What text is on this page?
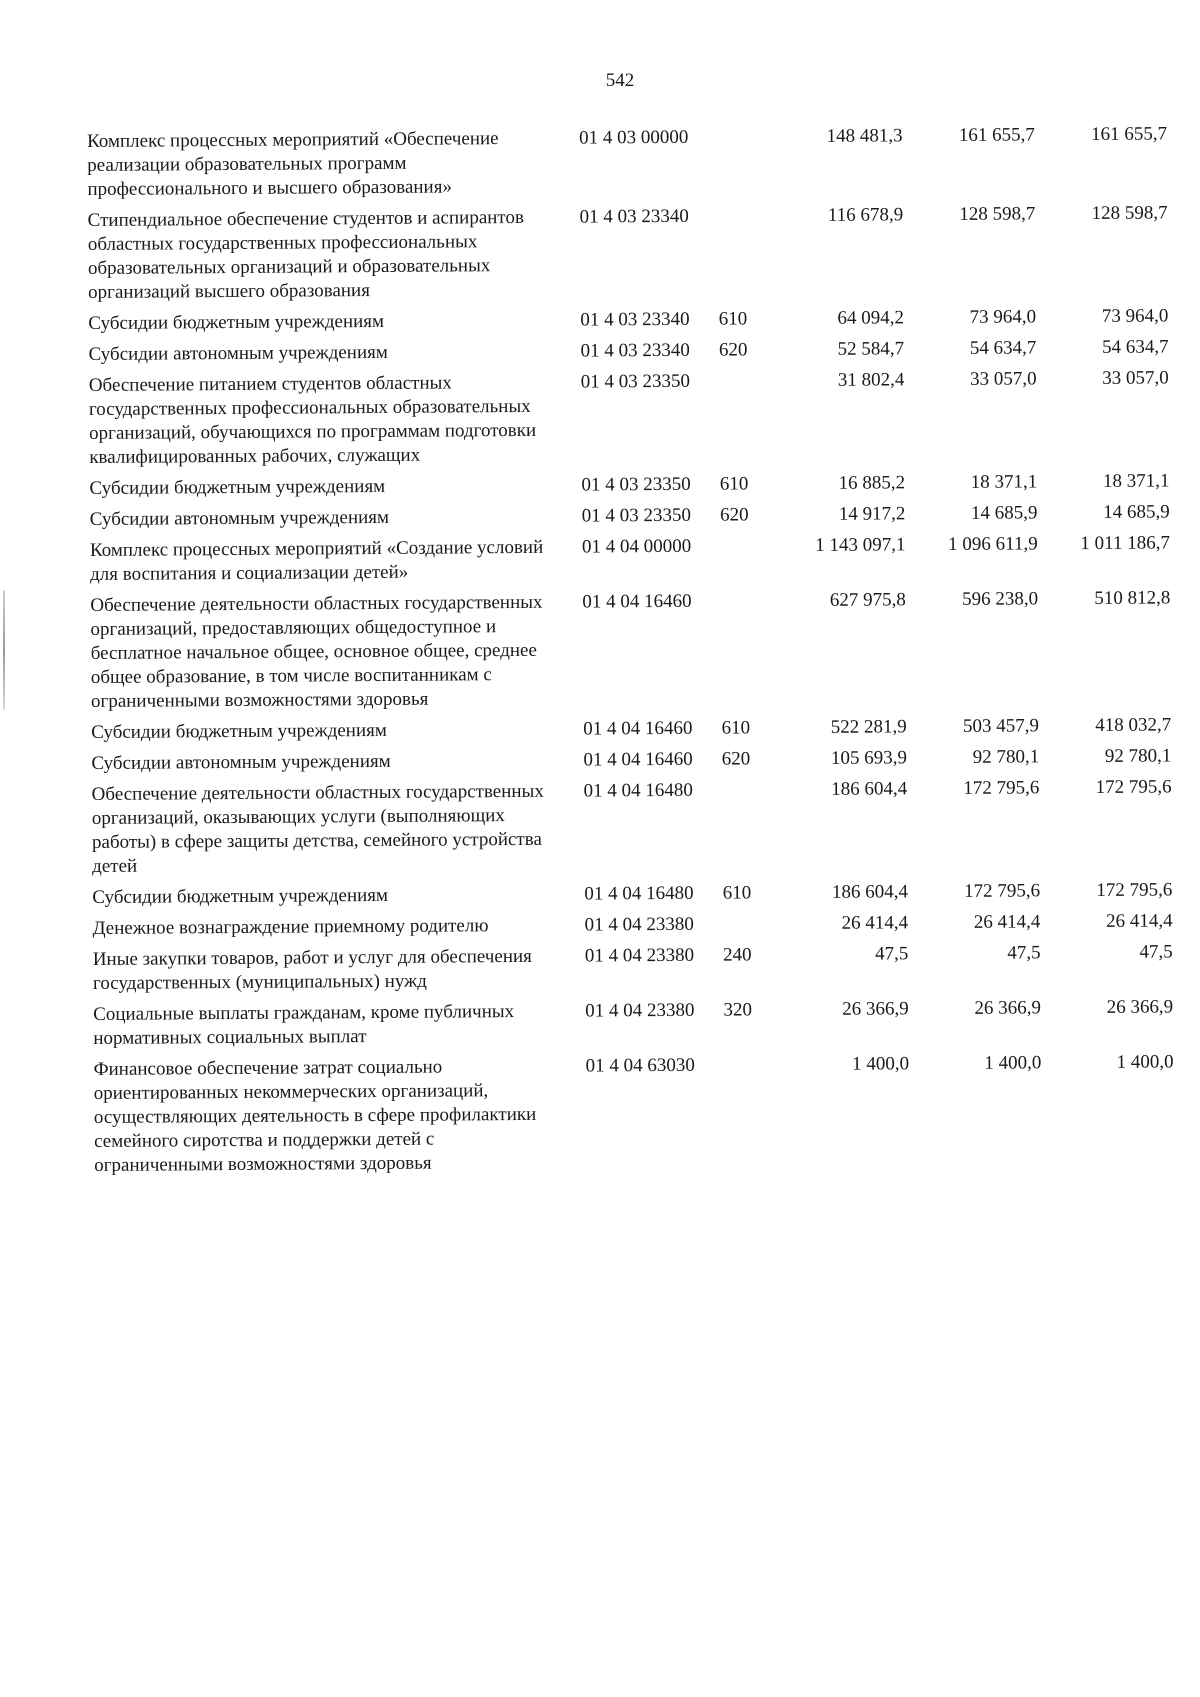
542
Комплекс процессных мероприятий «Обеспечение реализации образовательных программ профессионального и высшего образования»	01 4 03 00000		148 481,3	161 655,7	161 655,7
Стипендиальное обеспечение студентов и аспирантов областных государственных профессиональных образовательных организаций и образовательных организаций высшего образования	01 4 03 23340		116 678,9	128 598,7	128 598,7
Субсидии бюджетным учреждениям	01 4 03 23340	610	64 094,2	73 964,0	73 964,0
Субсидии автономным учреждениям	01 4 03 23340	620	52 584,7	54 634,7	54 634,7
Обеспечение питанием студентов областных государственных профессиональных образовательных организаций, обучающихся по программам подготовки квалифицированных рабочих, служащих	01 4 03 23350		31 802,4	33 057,0	33 057,0
Субсидии бюджетным учреждениям	01 4 03 23350	610	16 885,2	18 371,1	18 371,1
Субсидии автономным учреждениям	01 4 03 23350	620	14 917,2	14 685,9	14 685,9
Комплекс процессных мероприятий «Создание условий для воспитания и социализации детей»	01 4 04 00000		1 143 097,1	1 096 611,9	1 011 186,7
Обеспечение деятельности областных государственных организаций, предоставляющих общедоступное и бесплатное начальное общее, основное общее, среднее общее образование, в том числе воспитанникам с ограниченными возможностями здоровья	01 4 04 16460		627 975,8	596 238,0	510 812,8
Субсидии бюджетным учреждениям	01 4 04 16460	610	522 281,9	503 457,9	418 032,7
Субсидии автономным учреждениям	01 4 04 16460	620	105 693,9	92 780,1	92 780,1
Обеспечение деятельности областных государственных организаций, оказывающих услуги (выполняющих работы) в сфере защиты детства, семейного устройства детей	01 4 04 16480		186 604,4	172 795,6	172 795,6
Субсидии бюджетным учреждениям	01 4 04 16480	610	186 604,4	172 795,6	172 795,6
Денежное вознаграждение приемному родителю	01 4 04 23380		26 414,4	26 414,4	26 414,4
Иные закупки товаров, работ и услуг для обеспечения государственных (муниципальных) нужд	01 4 04 23380	240	47,5	47,5	47,5
Социальные выплаты гражданам, кроме публичных нормативных социальных выплат	01 4 04 23380	320	26 366,9	26 366,9	26 366,9
Финансовое обеспечение затрат социально ориентированных некоммерческих организаций, осуществляющих деятельность в сфере профилактики семейного сиротства и поддержки детей с ограниченными возможностями здоровья	01 4 04 63030		1 400,0	1 400,0	1 400,0
